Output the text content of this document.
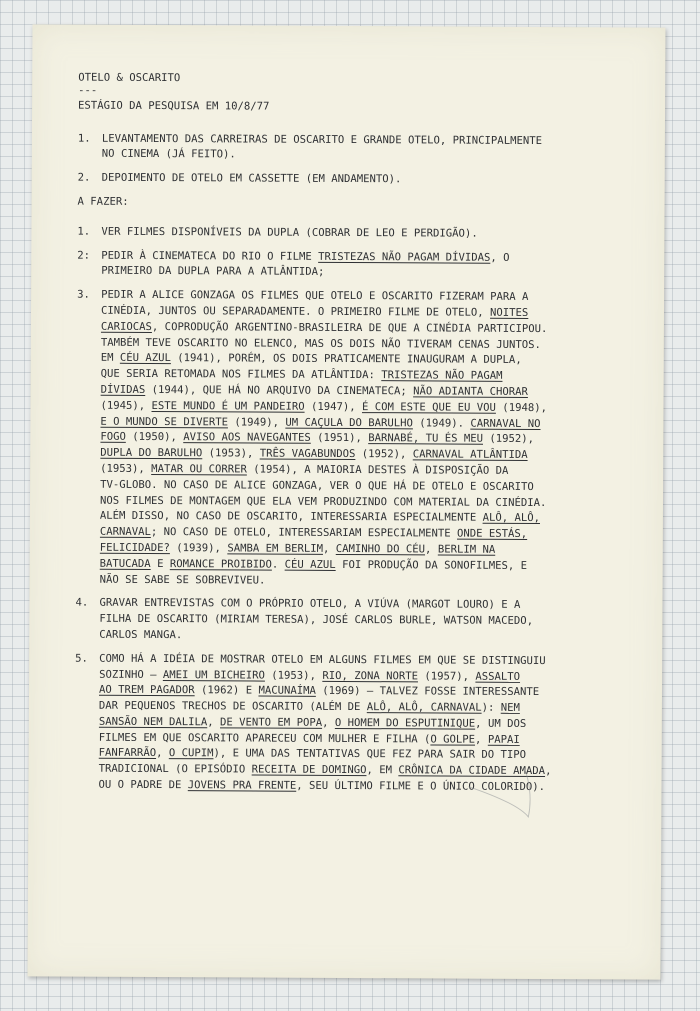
OTELO & OSCARITO
---
ESTÁGIO DA PESQUISA EM 10/8/77
1.	LEVANTAMENTO DAS CARREIRAS DE OSCARITO E GRANDE OTELO, PRINCIPALMENTE
NO CINEMA (JÁ FEITO).
2.	DEPOIMENTO DE OTELO EM CASSETTE (EM ANDAMENTO).
A FAZER:
1.	VER FILMES DISPONÍVEIS DA DUPLA (COBRAR DE LEO E PERDIGÃO).
2:	PEDIR À CINEMATECA DO RIO O FILME TRISTEZAS NÃO PAGAM DÍVIDAS, O
PRIMEIRO DA DUPLA PARA A ATLÂNTIDA;
3.	PEDIR A ALICE GONZAGA OS FILMES QUE OTELO E OSCARITO FIZERAM PARA A
CINÉDIA, JUNTOS OU SEPARADAMENTE. O PRIMEIRO FILME DE OTELO, NOITES
CARIOCAS, COPRODUÇÃO ARGENTINO-BRASILEIRA DE QUE A CINÉDIA PARTICIPOU.
TAMBÉM TEVE OSCARITO NO ELENCO, MAS OS DOIS NÃO TIVERAM CENAS JUNTOS.
EM CÉU AZUL (1941), PORÉM, OS DOIS PRATICAMENTE INAUGURAM A DUPLA,
QUE SERIA RETOMADA NOS FILMES DA ATLÂNTIDA: TRISTEZAS NÃO PAGAM
DÍVIDAS (1944), QUE HÁ NO ARQUIVO DA CINEMATECA; NÃO ADIANTA CHORAR
(1945), ESTE MUNDO É UM PANDEIRO (1947), É COM ESTE QUE EU VOU (1948),
E O MUNDO SE DIVERTE (1949), UM CAÇULA DO BARULHO (1949). CARNAVAL NO
FOGO (1950), AVISO AOS NAVEGANTES (1951), BARNABÉ, TU ÉS MEU (1952),
DUPLA DO BARULHO (1953), TRÊS VAGABUNDOS (1952), CARNAVAL ATLÂNTIDA
(1953), MATAR OU CORRER (1954), A MAIORIA DESTES À DISPOSIÇÃO DA
TV-GLOBO. NO CASO DE ALICE GONZAGA, VER O QUE HÁ DE OTELO E OSCARITO
NOS FILMES DE MONTAGEM QUE ELA VEM PRODUZINDO COM MATERIAL DA CINÉDIA.
ALÉM DISSO, NO CASO DE OSCARITO, INTERESSARIA ESPECIALMENTE ALÔ, ALÔ,
CARNAVAL; NO CASO DE OTELO, INTERESSARIAM ESPECIALMENTE ONDE ESTÁS,
FELICIDADE? (1939), SAMBA EM BERLIM, CAMINHO DO CÉU, BERLIM NA
BATUCADA E ROMANCE PROIBIDO. CÉU AZUL FOI PRODUÇÃO DA SONOFILMES, E
NÃO SE SABE SE SOBREVIVEU.
4.	GRAVAR ENTREVISTAS COM O PRÓPRIO OTELO, A VIÚVA (MARGOT LOURO) E A
FILHA DE OSCARITO (MIRIAM TERESA), JOSÉ CARLOS BURLE, WATSON MACEDO,
CARLOS MANGA.
5.	COMO HÁ A IDÉIA DE MOSTRAR OTELO EM ALGUNS FILMES EM QUE SE DISTINGUIU
SOZINHO — AMEI UM BICHEIRO (1953), RIO, ZONA NORTE (1957), ASSALTO
AO TREM PAGADOR (1962) E MACUNAÍMA (1969) — TALVEZ FOSSE INTERESSANTE
DAR PEQUENOS TRECHOS DE OSCARITO (ALÉM DE ALÔ, ALÔ, CARNAVAL): NEM
SANSÃO NEM DALILA, DE VENTO EM POPA, O HOMEM DO ESPUTINIQUE, UM DOS
FILMES EM QUE OSCARITO APARECEU COM MULHER E FILHA (O GOLPE, PAPAI
FANFARRÃO, O CUPIM), E UMA DAS TENTATIVAS QUE FEZ PARA SAIR DO TIPO
TRADICIONAL (O EPISÓDIO RECEITA DE DOMINGO, EM CRÔNICA DA CIDADE AMADA,
OU O PADRE DE JOVENS PRA FRENTE, SEU ÚLTIMO FILME E O ÚNICO COLORIDO).
